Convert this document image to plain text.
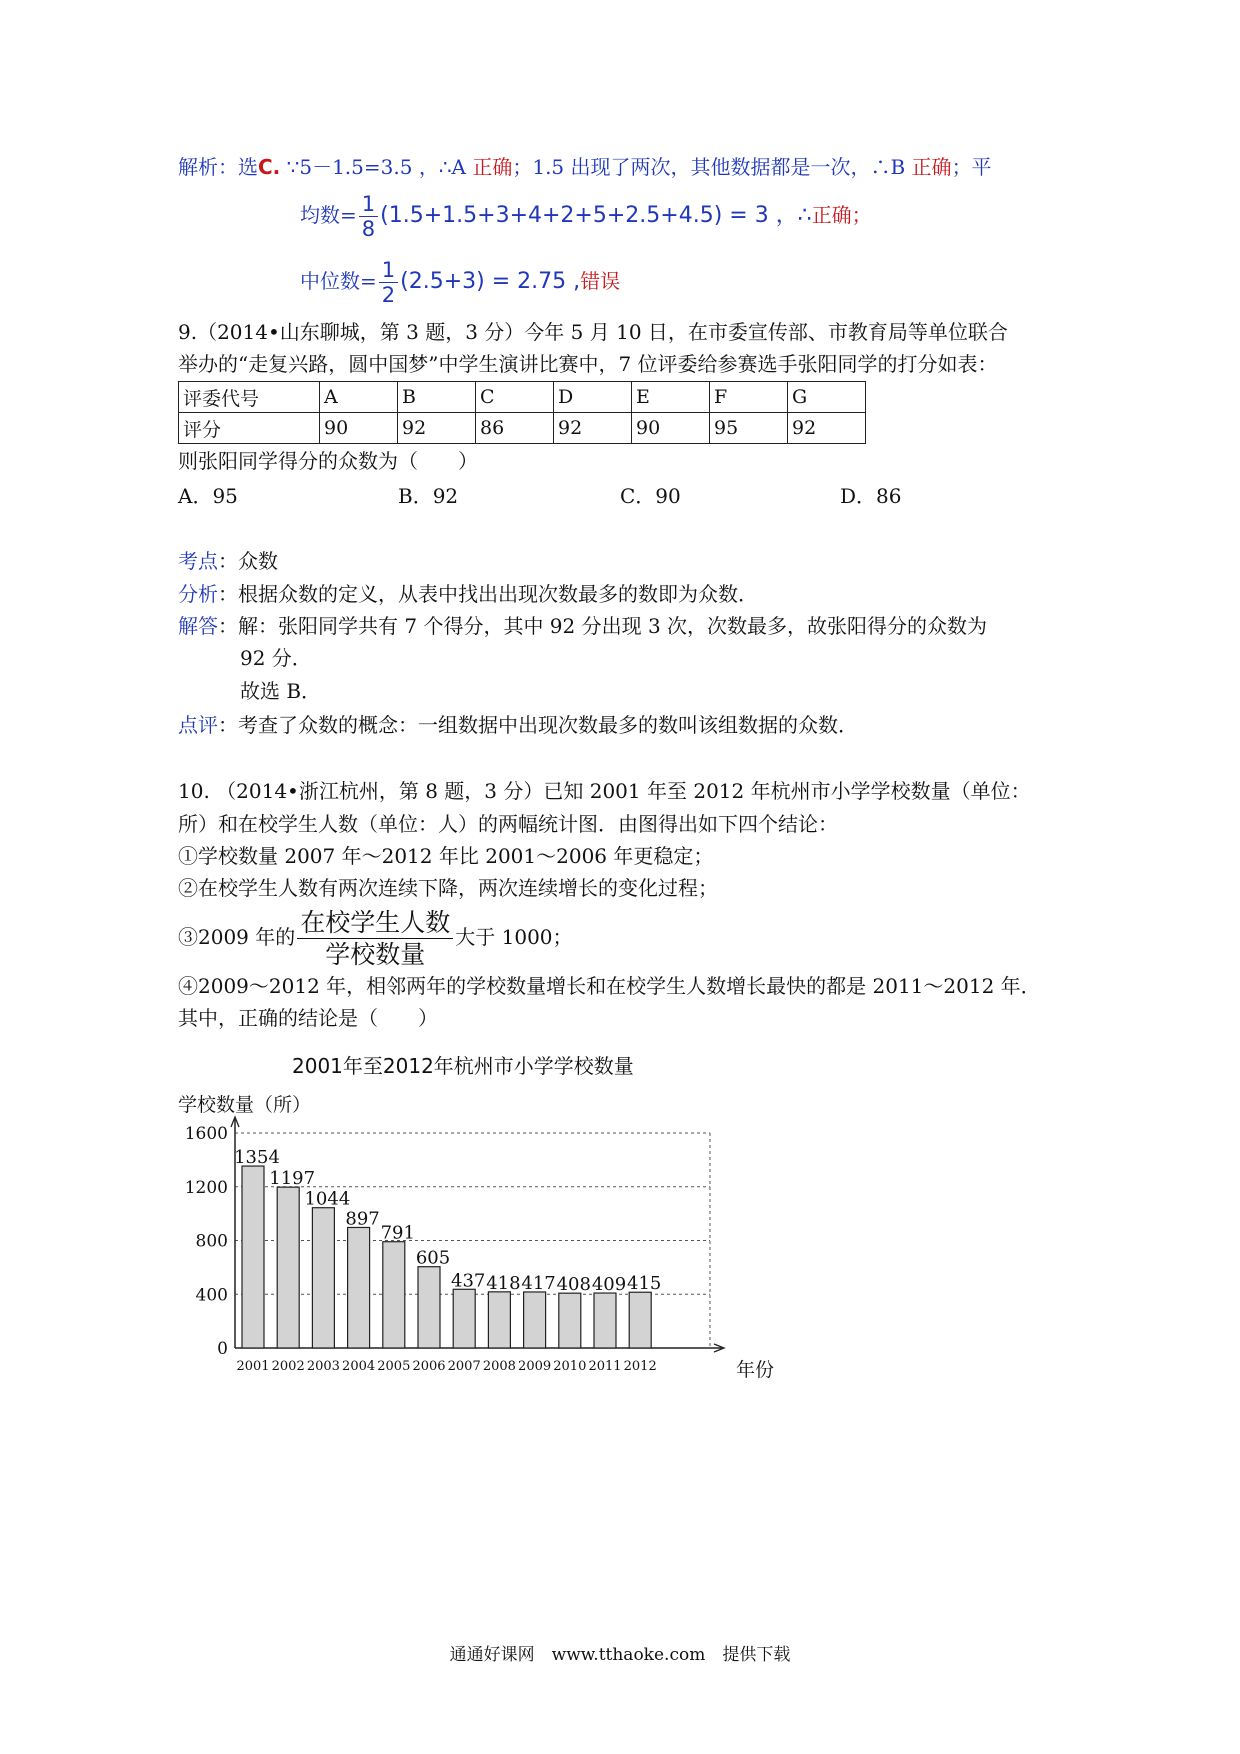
解析：选C. ∵5－1.5=3.5 ，∴A 正确；1.5 出现了两次，其他数据都是一次，∴B 正确；平
均数= $\frac{1}{8} (1.5+1.5+3+4+2+5+2.5+4.5) = 3$ ，∴正确；
中位数= $\frac{1}{2} (2.5+3) = 2.75$ ,错误
9.（2014•山东聊城，第 3 题，3 分）今年 5 月 10 日，在市委宣传部、市教育局等单位联合
举办的“走复兴路，圆中国梦”中学生演讲比赛中，7 位评委给参赛选手张阳同学的打分如表：
评委代号	A	B	C	D	E	F	G
评分	90	92	86	92	90	95	92
则张阳同学得分的众数为（　　）
A．95	B．92	C．90	D．86
考点：众数
分析：根据众数的定义，从表中找出出现次数最多的数即为众数．
解答：解：张阳同学共有 7 个得分，其中 92 分出现 3 次，次数最多，故张阳得分的众数为
92 分．
故选 B．
点评：考查了众数的概念：一组数据中出现次数最多的数叫该组数据的众数．
10. （2014•浙江杭州，第 8 题，3 分）已知 2001 年至 2012 年杭州市小学学校数量（单位：
所）和在校学生人数（单位：人）的两幅统计图．由图得出如下四个结论：
①学校数量 2007 年～2012 年比 2001～2006 年更稳定；
②在校学生人数有两次连续下降，两次连续增长的变化过程；
③2009 年的 $\frac{\text{在校学生人数}}{\text{学校数量}}$ 大于 1000；
④2009～2012 年，相邻两年的学校数量增长和在校学生人数增长最快的都是 2011～2012 年．
其中，正确的结论是（　　）
2001年至2012年杭州市小学学校数量
学校数量（所）
0
400
800
1200
1600
年份
1354
2001
1197
2002
1044
2003
897
2004
791
2005
605
2006
437
2007
418
2008
417
2009
408
2010
409
2011
415
2012
通通好课网　www.tthaoke.com　提供下载
